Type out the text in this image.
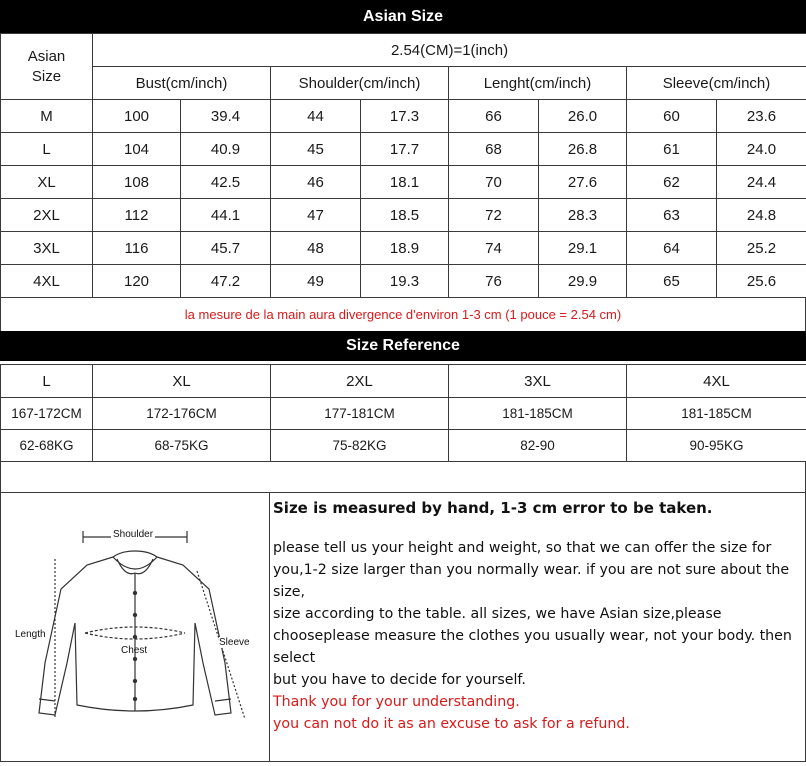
Asian Size
Asian
Size	2.54(CM)=1(inch)							
	Bust(cm/inch)		Shoulder(cm/inch)		Lenght(cm/inch)		Sleeve(cm/inch)	
M	100	39.4	44	17.3	66	26.0	60	23.6
L	104	40.9	45	17.7	68	26.8	61	24.0
XL	108	42.5	46	18.1	70	27.6	62	24.4
2XL	112	44.1	47	18.5	72	28.3	63	24.8
3XL	116	45.7	48	18.9	74	29.1	64	25.2
4XL	120	47.2	49	19.3	76	29.9	65	25.6
la mesure de la main aura divergence d'environ 1-3 cm (1 pouce = 2.54 cm)
Size Reference
L	XL	2XL	3XL	4XL
167-172CM	172-176CM	177-181CM	181-185CM	181-185CM
62-68KG	68-75KG	75-82KG	82-90	90-95KG
Shoulder
Length
Chest
Sleeve
Size is measured by hand, 1-3 cm error to be taken.

please tell us your height and weight, so that we can offer the size for

you,1-2 size larger than you normally wear. if you are not sure about the

size,

size according to the table. all sizes, we have Asian size,please

chooseplease measure the clothes you usually wear, not your body. then

select

but you have to decide for yourself.

Thank you for your understanding.

you can not do it as an excuse to ask for a refund.
